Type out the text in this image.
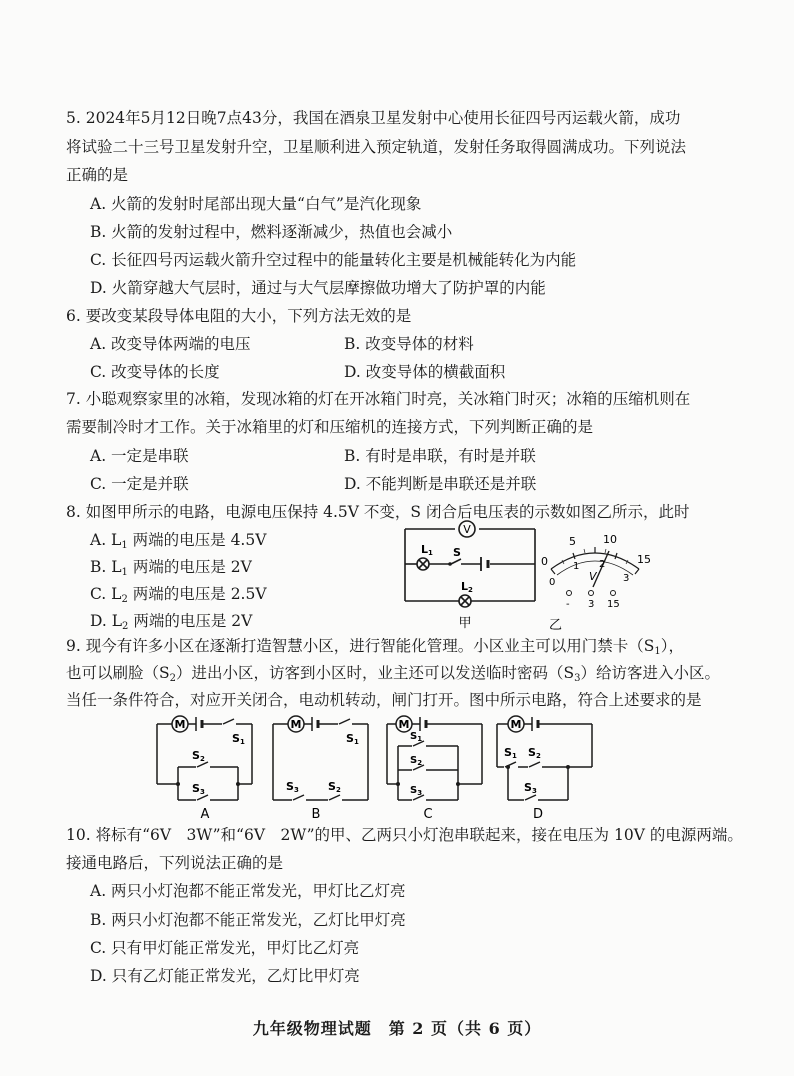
5. 2024年5月12日晚7点43分，我国在酒泉卫星发射中心使用长征四号丙运载火箭，成功
将试验二十三号卫星发射升空，卫星顺利进入预定轨道，发射任务取得圆满成功。下列说法
正确的是
A. 火箭的发射时尾部出现大量“白气”是汽化现象
B. 火箭的发射过程中，燃料逐渐减少，热值也会减小
C. 长征四号丙运载火箭升空过程中的能量转化主要是机械能转化为内能
D. 火箭穿越大气层时，通过与大气层摩擦做功增大了防护罩的内能
6. 要改变某段导体电阻的大小，下列方法无效的是
A. 改变导体两端的电压	B. 改变导体的材料
C. 改变导体的长度	D. 改变导体的横截面积
7. 小聪观察家里的冰箱，发现冰箱的灯在开冰箱门时亮，关冰箱门时灭；冰箱的压缩机则在
需要制冷时才工作。关于冰箱里的灯和压缩机的连接方式，下列判断正确的是
A. 一定是串联	B. 有时是串联，有时是并联
C. 一定是并联	D. 不能判断是串联还是并联
8. 如图甲所示的电路，电源电压保持 4.5V 不变，S 闭合后电压表的示数如图乙所示，此时
A. $L_1$ 两端的电压是 4.5V
B. $L_1$ 两端的电压是 2V
C. $L_2$ 两端的电压是 2.5V
D. $L_2$ 两端的电压是 2V
V
L1 S
L2
甲
0
5 10
15
0
1 2
3
V
- 3 15
乙
9. 现今有许多小区在逐渐打造智慧小区，进行智能化管理。小区业主可以用门禁卡$(S_1)$，
也可以刷脸$(S_2)$进出小区，访客到小区时，业主还可以发送临时密码$(S_3)$给访客进入小区。
当任一条件符合，对应开关闭合，电动机转动，闸门打开。图中所示电路，符合上述要求的是
M
S1
S2
S3
A
M
S1
S3	S2
B
M
$S_1$
$S_2$
$S_3$
C
M
S1 S2
S3
D
10. 将标有“6V　3W”和“6V　2W”的甲、乙两只小灯泡串联起来，接在电压为 10V 的电源两端。
接通电路后，下列说法正确的是
A. 两只小灯泡都不能正常发光，甲灯比乙灯亮
B. 两只小灯泡都不能正常发光，乙灯比甲灯亮
C. 只有甲灯能正常发光，甲灯比乙灯亮
D. 只有乙灯能正常发光，乙灯比甲灯亮
九年级物理试题　第 2 页（共 6 页）
